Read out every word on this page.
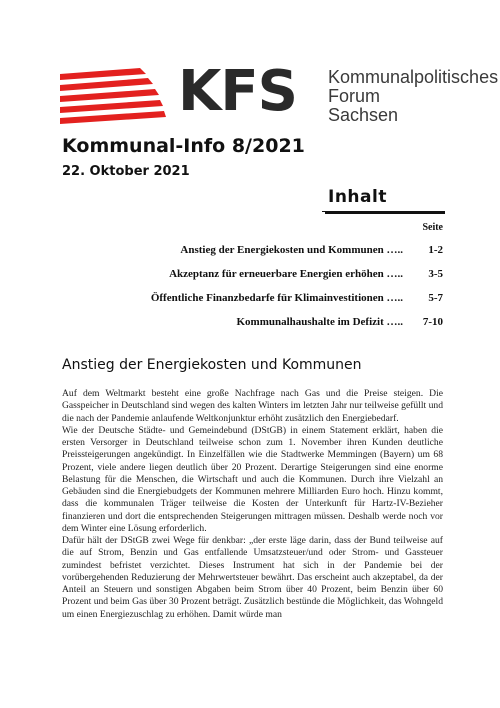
KFS Kommunalpolitisches
Forum
Sachsen
Kommunal-Info 8/2021
22. Oktober 2021
Inhalt
Seite
Anstieg der Energiekosten und Kommunen ….. 1-2
Akzeptanz für erneuerbare Energien erhöhen ….. 3-5
Öffentliche Finanzbedarfe für Klimainvestitionen ….. 5-7
Kommunalhaushalte im Defizit ….. 7-10
Anstieg der Energiekosten und Kommunen

Auf dem Weltmarkt besteht eine große Nachfrage nach Gas und die Preise steigen. Die Gasspeicher in Deutschland sind wegen des kalten Winters im letzten Jahr nur teilweise gefüllt und die nach der Pandemie anlaufende Weltkonjunktur erhöht zusätzlich den Energiebedarf.

Wie der Deutsche Städte- und Gemeindebund (DStGB) in einem Statement erklärt, haben die ersten Versorger in Deutschland teilweise schon zum 1. November ihren Kunden deutliche Preissteigerungen angekündigt. In Einzelfällen wie die Stadtwerke Memmingen (Bayern) um 68 Prozent, viele andere liegen deutlich über 20 Prozent. Derartige Steigerungen sind eine enorme Belastung für die Menschen, die Wirtschaft und auch die Kommunen. Durch ihre Vielzahl an Gebäuden sind die Energiebudgets der Kommunen mehrere Milliarden Euro hoch. Hinzu kommt, dass die kommunalen Träger teilweise die Kosten der Unterkunft für Hartz-IV-Bezieher finanzieren und dort die entsprechenden Steigerungen mittragen müssen. Deshalb werde noch vor dem Winter eine Lösung erforderlich.

Dafür hält der DStGB zwei Wege für denkbar: „der erste läge darin, dass der Bund teilweise auf die auf Strom, Benzin und Gas entfallende Umsatzsteuer/und oder Strom- und Gassteuer zumindest befristet verzichtet. Dieses Instrument hat sich in der Pandemie bei der vorübergehenden Reduzierung der Mehrwertsteuer bewährt. Das erscheint auch akzeptabel, da der Anteil an Steuern und sonstigen Abgaben beim Strom über 40 Prozent, beim Benzin über 60 Prozent und beim Gas über 30 Prozent beträgt. Zusätzlich bestünde die Möglichkeit, das Wohngeld um einen Energiezuschlag zu erhöhen. Damit würde man
